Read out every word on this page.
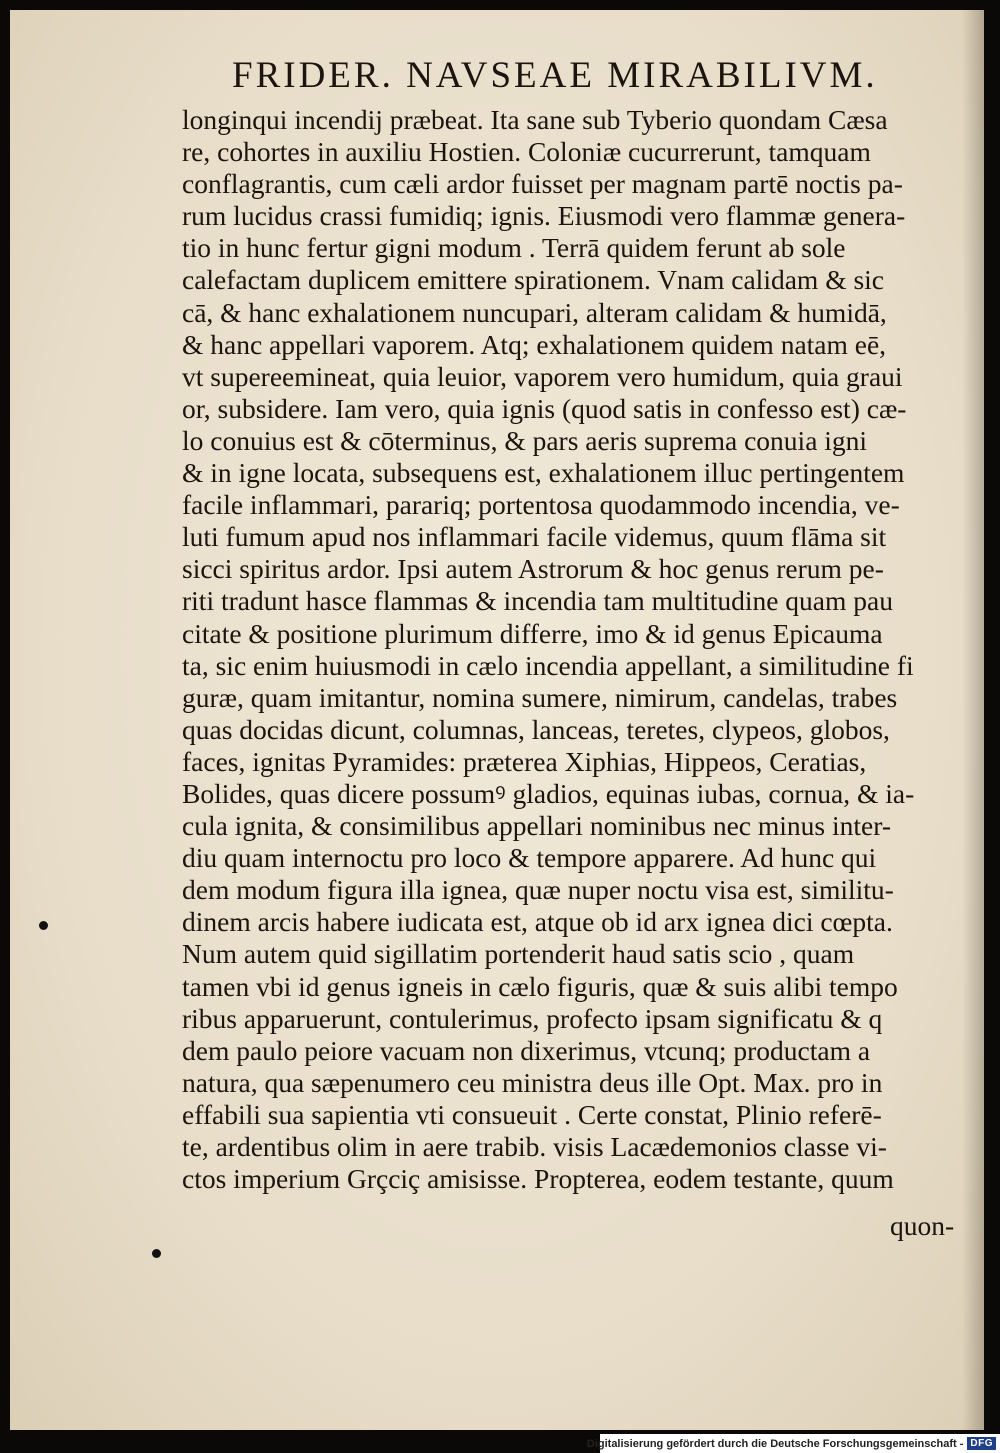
FRIDER. NAVSEAE MIRABILIVM.
longinqui incendij præbeat. Ita sane sub Tyberio quondam Cæsa
re, cohortes in auxiliu Hostien. Coloniæ cucurrerunt, tamquam
conflagrantis, cum cæli ardor fuisset per magnam partē noctis pa-
rum lucidus crassi fumidiq; ignis. Eiusmodi vero flammæ genera-
tio in hunc fertur gigni modum . Terrā quidem ferunt ab sole
calefactam duplicem emittere spirationem. Vnam calidam & sic
cā, & hanc exhalationem nuncupari, alteram calidam & humidā,
& hanc appellari vaporem. Atq; exhalationem quidem natam eē,
vt supereemineat, quia leuior, vaporem vero humidum, quia graui
or, subsidere. Iam vero, quia ignis (quod satis in confesso est) cæ-
lo conuius est & cōterminus, & pars aeris suprema conuia igni
& in igne locata, subsequens est, exhalationem illuc pertingentem
facile inflammari, parariq; portentosa quodammodo incendia, ve-
luti fumum apud nos inflammari facile videmus, quum flāma sit
sicci spiritus ardor. Ipsi autem Astrorum & hoc genus rerum pe-
riti tradunt hasce flammas & incendia tam multitudine quam pau
citate & positione plurimum differre, imo & id genus Epicauma
ta, sic enim huiusmodi in cælo incendia appellant, a similitudine fi
guræ, quam imitantur, nomina sumere, nimirum, candelas, trabes
quas docidas dicunt, columnas, lanceas, teretes, clypeos, globos,
faces, ignitas Pyramides: præterea Xiphias, Hippeos, Ceratias,
Bolides, quas dicere possumꝰ gladios, equinas iubas, cornua, & ia-
cula ignita, & consimilibus appellari nominibus nec minus inter-
diu quam internoctu pro loco & tempore apparere. Ad hunc qui
dem modum figura illa ignea, quæ nuper noctu visa est, similitu-
dinem arcis habere iudicata est, atque ob id arx ignea dici cœpta.
Num autem quid sigillatim portenderit haud satis scio , quam
tamen vbi id genus igneis in cælo figuris, quæ & suis alibi tempo
ribus apparuerunt, contulerimus, profecto ipsam significatu & q
dem paulo peiore vacuam non dixerimus, vtcunq; productam a
natura, qua sæpenumero ceu ministra deus ille Opt. Max. pro in
effabili sua sapientia vti consueuit . Certe constat, Plinio referē-
te, ardentibus olim in aere trabib. visis Lacædemonios classe vi-
ctos imperium Grçciç amisisse. Propterea, eodem testante, quum
quon-
Digitalisierung gefördert durch die Deutsche Forschungsgemeinschaft - DFG
